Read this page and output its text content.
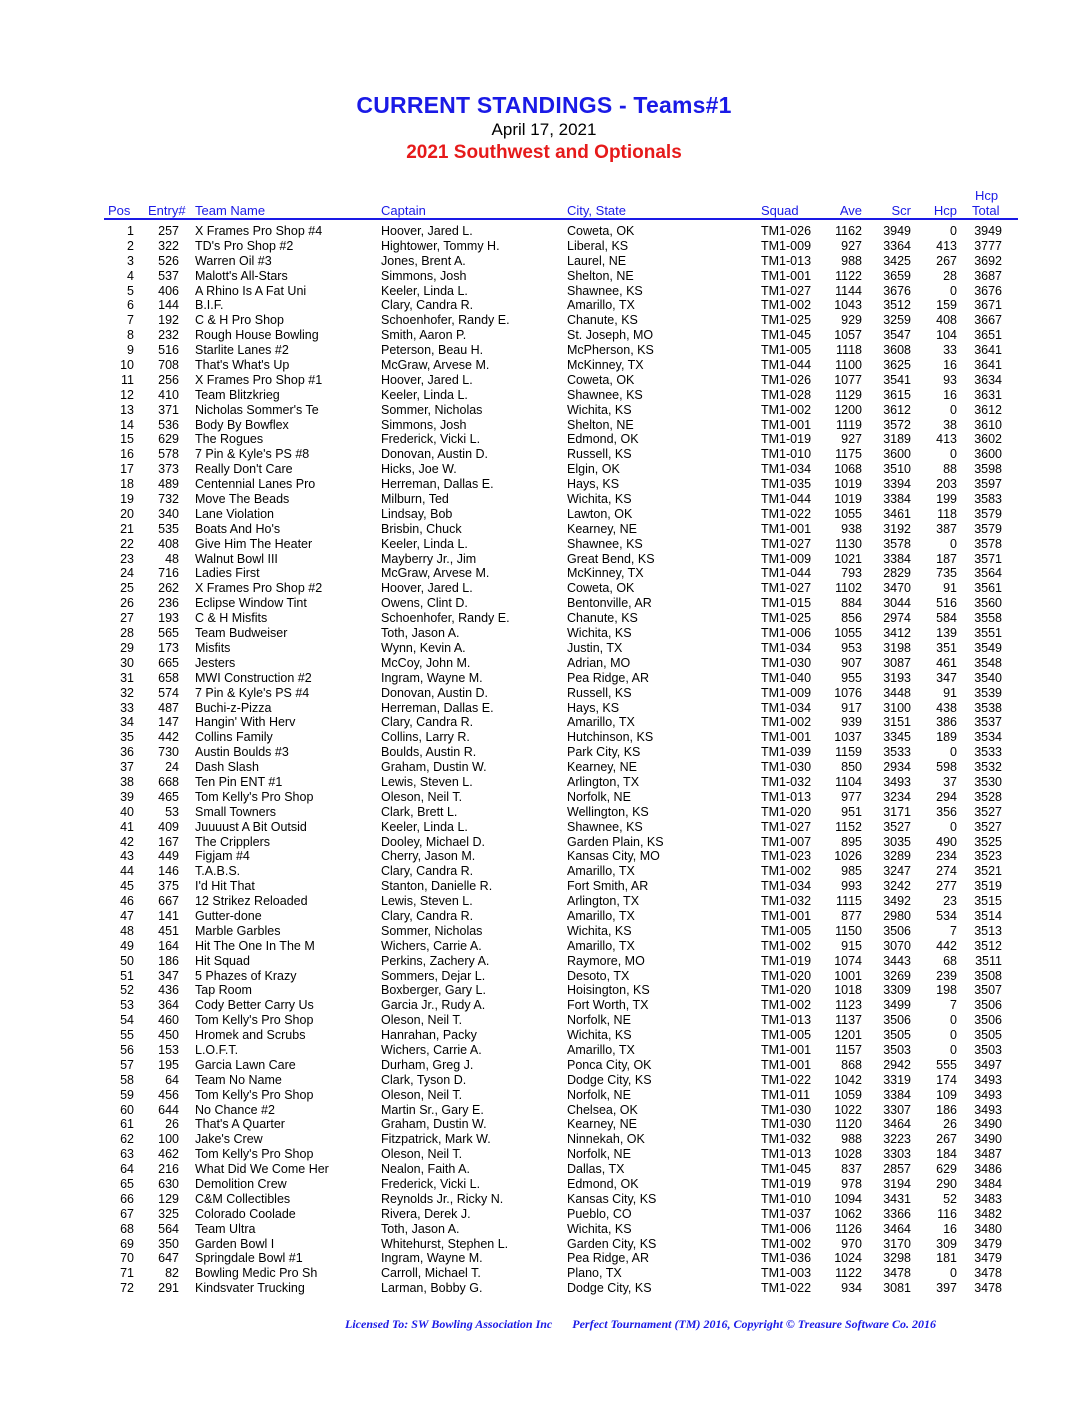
CURRENT STANDINGS - Teams#1
April 17, 2021
2021 Southwest and Optionals
Pos Entry# Team Name	Captain	City, State	Squad	Ave	Scr	Hcp
Hcp
Total
1	257 X Frames Pro Shop #4	Hoover, Jared L.	Coweta, OK	TM1-026	1162	3949	0	3949
2	322 TD's Pro Shop #2	Hightower, Tommy H.	Liberal, KS	TM1-009	927	3364	413	3777
3	526 Warren Oil #3	Jones, Brent A.	Laurel, NE	TM1-013	988	3425	267	3692
4	537 Malott's All-Stars	Simmons, Josh	Shelton, NE	TM1-001	1122	3659	28	3687
5	406 A Rhino Is A Fat Uni	Keeler, Linda L.	Shawnee, KS	TM1-027	1144	3676	0	3676
6	144 B.I.F.	Clary, Candra R.	Amarillo, TX	TM1-002	1043	3512	159	3671
7	192 C & H Pro Shop	Schoenhofer, Randy E.	Chanute, KS	TM1-025	929	3259	408	3667
8	232 Rough House Bowling	Smith, Aaron P.	St. Joseph, MO	TM1-045	1057	3547	104	3651
9	516 Starlite Lanes #2	Peterson, Beau H.	McPherson, KS	TM1-005	1118	3608	33	3641
10	708 That's What's Up	McGraw, Arvese M.	McKinney, TX	TM1-044	1100	3625	16	3641
11	256 X Frames Pro Shop #1	Hoover, Jared L.	Coweta, OK	TM1-026	1077	3541	93	3634
12	410 Team Blitzkrieg	Keeler, Linda L.	Shawnee, KS	TM1-028	1129	3615	16	3631
13	371 Nicholas Sommer's Te	Sommer, Nicholas	Wichita, KS	TM1-002	1200	3612	0	3612
14	536 Body By Bowflex	Simmons, Josh	Shelton, NE	TM1-001	1119	3572	38	3610
15	629 The Rogues	Frederick, Vicki L.	Edmond, OK	TM1-019	927	3189	413	3602
16	578 7 Pin & Kyle's PS #8	Donovan, Austin D.	Russell, KS	TM1-010	1175	3600	0	3600
17	373 Really Don't Care	Hicks, Joe W.	Elgin, OK	TM1-034	1068	3510	88	3598
18	489 Centennial Lanes Pro	Herreman, Dallas E.	Hays, KS	TM1-035	1019	3394	203	3597
19	732 Move The Beads	Milburn, Ted	Wichita, KS	TM1-044	1019	3384	199	3583
20	340 Lane Violation	Lindsay, Bob	Lawton, OK	TM1-022	1055	3461	118	3579
21	535 Boats And Ho's	Brisbin, Chuck	Kearney, NE	TM1-001	938	3192	387	3579
22	408 Give Him The Heater	Keeler, Linda L.	Shawnee, KS	TM1-027	1130	3578	0	3578
23	48 Walnut Bowl III	Mayberry Jr., Jim	Great Bend, KS	TM1-009	1021	3384	187	3571
24	716 Ladies First	McGraw, Arvese M.	McKinney, TX	TM1-044	793	2829	735	3564
25	262 X Frames Pro Shop #2	Hoover, Jared L.	Coweta, OK	TM1-027	1102	3470	91	3561
26	236 Eclipse Window Tint	Owens, Clint D.	Bentonville, AR	TM1-015	884	3044	516	3560
27	193 C & H Misfits	Schoenhofer, Randy E.	Chanute, KS	TM1-025	856	2974	584	3558
28	565 Team Budweiser	Toth, Jason A.	Wichita, KS	TM1-006	1055	3412	139	3551
29	173 Misfits	Wynn, Kevin A.	Justin, TX	TM1-034	953	3198	351	3549
30	665 Jesters	McCoy, John M.	Adrian, MO	TM1-030	907	3087	461	3548
31	658 MWI Construction #2	Ingram, Wayne M.	Pea Ridge, AR	TM1-040	955	3193	347	3540
32	574 7 Pin & Kyle's PS #4	Donovan, Austin D.	Russell, KS	TM1-009	1076	3448	91	3539
33	487 Buchi-z-Pizza	Herreman, Dallas E.	Hays, KS	TM1-034	917	3100	438	3538
34	147 Hangin' With Herv	Clary, Candra R.	Amarillo, TX	TM1-002	939	3151	386	3537
35	442 Collins Family	Collins, Larry R.	Hutchinson, KS	TM1-001	1037	3345	189	3534
36	730 Austin Boulds #3	Boulds, Austin R.	Park City, KS	TM1-039	1159	3533	0	3533
37	24 Dash Slash	Graham, Dustin W.	Kearney, NE	TM1-030	850	2934	598	3532
38	668 Ten Pin ENT #1	Lewis, Steven L.	Arlington, TX	TM1-032	1104	3493	37	3530
39	465 Tom Kelly's Pro Shop	Oleson, Neil T.	Norfolk, NE	TM1-013	977	3234	294	3528
40	53 Small Towners	Clark, Brett L.	Wellington, KS	TM1-020	951	3171	356	3527
41	409 Juuuust A Bit Outsid	Keeler, Linda L.	Shawnee, KS	TM1-027	1152	3527	0	3527
42	167 The Cripplers	Dooley, Michael D.	Garden Plain, KS	TM1-007	895	3035	490	3525
43	449 Figjam #4	Cherry, Jason M.	Kansas City, MO	TM1-023	1026	3289	234	3523
44	146 T.A.B.S.	Clary, Candra R.	Amarillo, TX	TM1-002	985	3247	274	3521
45	375 I'd Hit That	Stanton, Danielle R.	Fort Smith, AR	TM1-034	993	3242	277	3519
46	667 12 Strikez Reloaded	Lewis, Steven L.	Arlington, TX	TM1-032	1115	3492	23	3515
47	141 Gutter-done	Clary, Candra R.	Amarillo, TX	TM1-001	877	2980	534	3514
48	451 Marble Garbles	Sommer, Nicholas	Wichita, KS	TM1-005	1150	3506	7	3513
49	164 Hit The One In The M	Wichers, Carrie A.	Amarillo, TX	TM1-002	915	3070	442	3512
50	186 Hit Squad	Perkins, Zachery A.	Raymore, MO	TM1-019	1074	3443	68	3511
51	347 5 Phazes of Krazy	Sommers, Dejar L.	Desoto, TX	TM1-020	1001	3269	239	3508
52	436 Tap Room	Boxberger, Gary L.	Hoisington, KS	TM1-020	1018	3309	198	3507
53	364 Cody Better Carry Us	Garcia Jr., Rudy A.	Fort Worth, TX	TM1-002	1123	3499	7	3506
54	460 Tom Kelly's Pro Shop	Oleson, Neil T.	Norfolk, NE	TM1-013	1137	3506	0	3506
55	450 Hromek and Scrubs	Hanrahan, Packy	Wichita, KS	TM1-005	1201	3505	0	3505
56	153 L.O.F.T.	Wichers, Carrie A.	Amarillo, TX	TM1-001	1157	3503	0	3503
57	195 Garcia Lawn Care	Durham, Greg J.	Ponca City, OK	TM1-001	868	2942	555	3497
58	64 Team No Name	Clark, Tyson D.	Dodge City, KS	TM1-022	1042	3319	174	3493
59	456 Tom Kelly's Pro Shop	Oleson, Neil T.	Norfolk, NE	TM1-011	1059	3384	109	3493
60	644 No Chance #2	Martin Sr., Gary E.	Chelsea, OK	TM1-030	1022	3307	186	3493
61	26 That's A Quarter	Graham, Dustin W.	Kearney, NE	TM1-030	1120	3464	26	3490
62	100 Jake's Crew	Fitzpatrick, Mark W.	Ninnekah, OK	TM1-032	988	3223	267	3490
63	462 Tom Kelly's Pro Shop	Oleson, Neil T.	Norfolk, NE	TM1-013	1028	3303	184	3487
64	216 What Did We Come Her	Nealon, Faith A.	Dallas, TX	TM1-045	837	2857	629	3486
65	630 Demolition Crew	Frederick, Vicki L.	Edmond, OK	TM1-019	978	3194	290	3484
66	129 C&M Collectibles	Reynolds Jr., Ricky N.	Kansas City, KS	TM1-010	1094	3431	52	3483
67	325 Colorado Coolade	Rivera, Derek J.	Pueblo, CO	TM1-037	1062	3366	116	3482
68	564 Team Ultra	Toth, Jason A.	Wichita, KS	TM1-006	1126	3464	16	3480
69	350 Garden Bowl I	Whitehurst, Stephen L.	Garden City, KS	TM1-002	970	3170	309	3479
70	647 Springdale Bowl #1	Ingram, Wayne M.	Pea Ridge, AR	TM1-036	1024	3298	181	3479
71	82 Bowling Medic Pro Sh	Carroll, Michael T.	Plano, TX	TM1-003	1122	3478	0	3478
72	291 Kindsvater Trucking	Larman, Bobby G.	Dodge City, KS	TM1-022	934	3081	397	3478
Licensed To: SW Bowling Association Inc Perfect Tournament (TM) 2016, Copyright © Treasure Software Co. 2016
